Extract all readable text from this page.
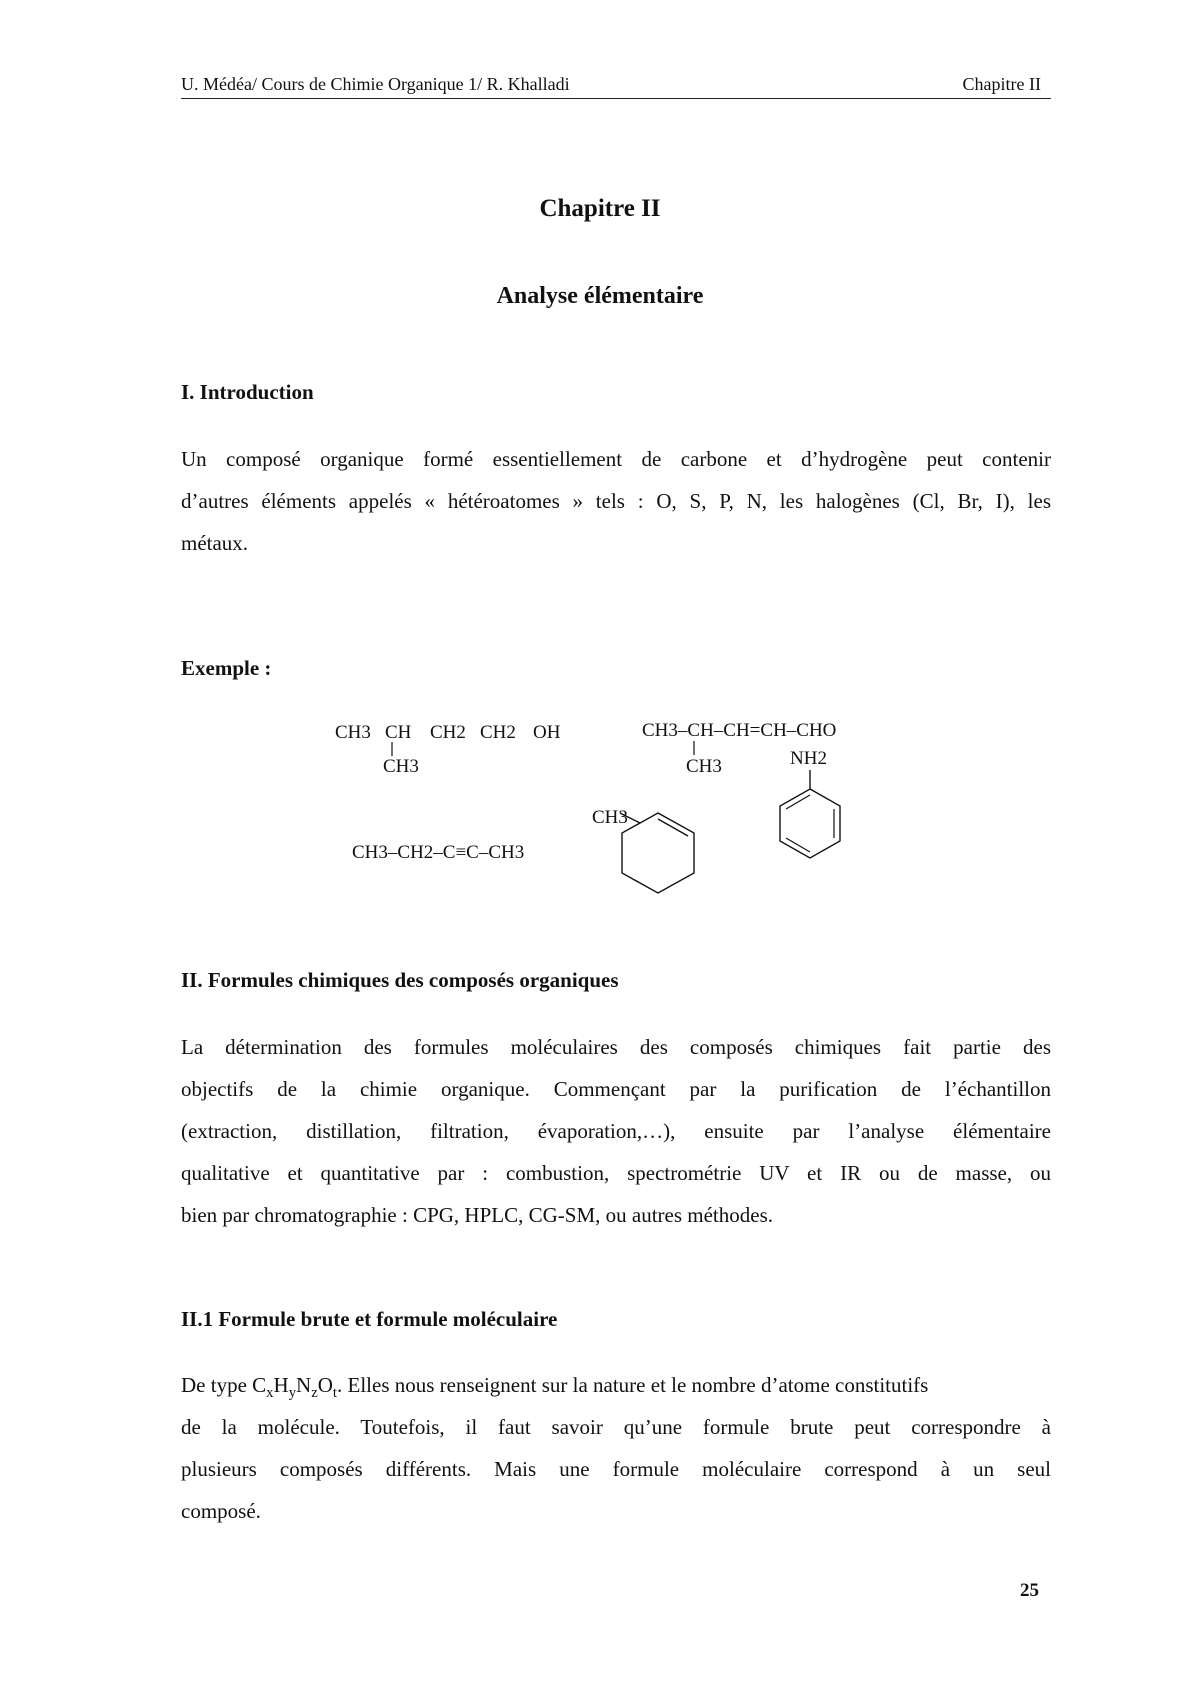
U. Médéa/ Cours de Chimie Organique 1/ R. Khalladi	Chapitre II
Chapitre II
Analyse élémentaire
I. Introduction
Un composé organique formé essentiellement de carbone et d’hydrogène peut contenir
d’autres éléments appelés « hétéroatomes » tels : O, S, P, N, les halogènes (Cl, Br, I), les
métaux.
Exemple :
CH3 CH CH2 CH2 OH
CH3
CH3–CH–CH=CH–CHO
CH3
CH3–CH2–C≡C–CH3
CH3
NH2
II. Formules chimiques des composés organiques
La détermination des formules moléculaires des composés chimiques fait partie des
objectifs de la chimie organique. Commençant par la purification de l’échantillon
(extraction, distillation, filtration, évaporation,…), ensuite par l’analyse élémentaire
qualitative et quantitative par : combustion, spectrométrie UV et IR ou de masse, ou
bien par chromatographie : CPG, HPLC, CG-SM, ou autres méthodes.
II.1 Formule brute et formule moléculaire
De type $C_xH_yN_zO_t$. Elles nous renseignent sur la nature et le nombre d’atome constitutifs
de la molécule. Toutefois, il faut savoir qu’une formule brute peut correspondre à
plusieurs composés différents. Mais une formule moléculaire correspond à un seul
composé.
25
